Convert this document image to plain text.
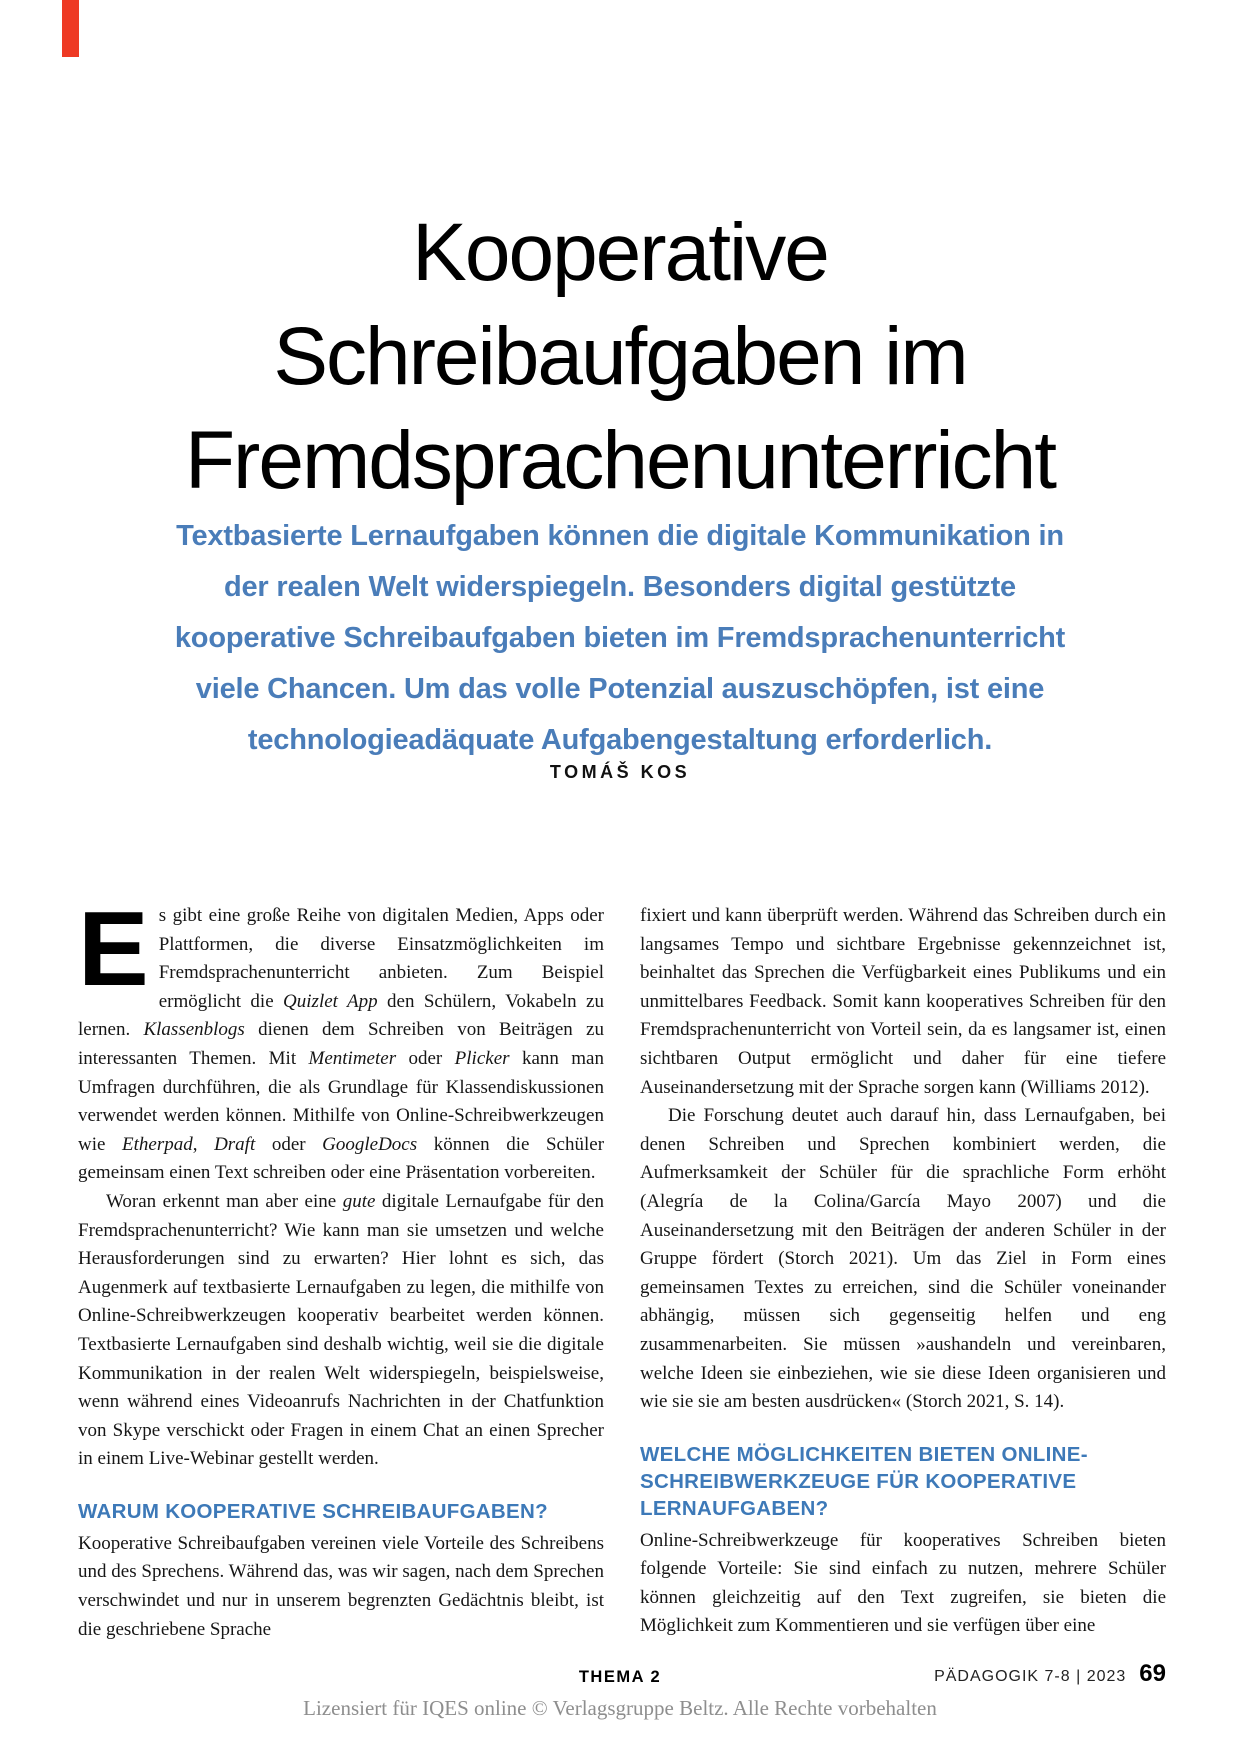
Kooperative
Schreibaufgaben im
Fremdsprachenunterricht

Textbasierte Lernaufgaben können die digitale Kommunikation in der realen Welt widerspiegeln. Besonders digital gestützte kooperative Schreibaufgaben bieten im Fremdsprachenunterricht viele Chancen. Um das volle Potenzial auszuschöpfen, ist eine technologieadäquate Aufgabengestaltung erforderlich.

TOMÁŠ KOS

Es gibt eine große Reihe von digitalen Medien, Apps oder Plattformen, die diverse Einsatzmöglichkeiten im Fremdsprachenunterricht anbieten. Zum Beispiel ermöglicht die Quizlet App den Schülern, Vokabeln zu lernen. Klassenblogs dienen dem Schreiben von Beiträgen zu interessanten Themen. Mit Mentimeter oder Plicker kann man Umfragen durchführen, die als Grundlage für Klassendiskussionen verwendet werden können. Mithilfe von Online-Schreibwerkzeugen wie Etherpad, Draft oder GoogleDocs können die Schüler gemeinsam einen Text schreiben oder eine Präsentation vorbereiten.

Woran erkennt man aber eine gute digitale Lernaufgabe für den Fremdsprachenunterricht? Wie kann man sie umsetzen und welche Herausforderungen sind zu erwarten? Hier lohnt es sich, das Augenmerk auf textbasierte Lernaufgaben zu legen, die mithilfe von Online-Schreibwerkzeugen kooperativ bearbeitet werden können. Textbasierte Lernaufgaben sind deshalb wichtig, weil sie die digitale Kommunikation in der realen Welt widerspiegeln, beispielsweise, wenn während eines Videoanrufs Nachrichten in der Chatfunktion von Skype verschickt oder Fragen in einem Chat an einen Sprecher in einem Live-Webinar gestellt werden.

WARUM KOOPERATIVE SCHREIBAUFGABEN?

Kooperative Schreibaufgaben vereinen viele Vorteile des Schreibens und des Sprechens. Während das, was wir sagen, nach dem Sprechen verschwindet und nur in unserem begrenzten Gedächtnis bleibt, ist die geschriebene Sprache

fixiert und kann überprüft werden. Während das Schreiben durch ein langsames Tempo und sichtbare Ergebnisse gekennzeichnet ist, beinhaltet das Sprechen die Verfügbarkeit eines Publikums und ein unmittelbares Feedback. Somit kann kooperatives Schreiben für den Fremdsprachenunterricht von Vorteil sein, da es langsamer ist, einen sichtbaren Output ermöglicht und daher für eine tiefere Auseinandersetzung mit der Sprache sorgen kann (Williams 2012).

Die Forschung deutet auch darauf hin, dass Lernaufgaben, bei denen Schreiben und Sprechen kombiniert werden, die Aufmerksamkeit der Schüler für die sprachliche Form erhöht (Alegría de la Colina/García Mayo 2007) und die Auseinandersetzung mit den Beiträgen der anderen Schüler in der Gruppe fördert (Storch 2021). Um das Ziel in Form eines gemeinsamen Textes zu erreichen, sind die Schüler voneinander abhängig, müssen sich gegenseitig helfen und eng zusammenarbeiten. Sie müssen »aushandeln und vereinbaren, welche Ideen sie einbeziehen, wie sie diese Ideen organisieren und wie sie sie am besten ausdrücken« (Storch 2021, S. 14).

WELCHE MÖGLICHKEITEN BIETEN ONLINE-SCHREIBWERKZEUGE FÜR KOOPERATIVE LERNAUFGABEN?

Online-Schreibwerkzeuge für kooperatives Schreiben bieten folgende Vorteile: Sie sind einfach zu nutzen, mehrere Schüler können gleichzeitig auf den Text zugreifen, sie bieten die Möglichkeit zum Kommentieren und sie verfügen über eine

THEMA 2	PÄDAGOGIK 7-8 | 2023 69
Lizensiert für IQES online © Verlagsgruppe Beltz. Alle Rechte vorbehalten
